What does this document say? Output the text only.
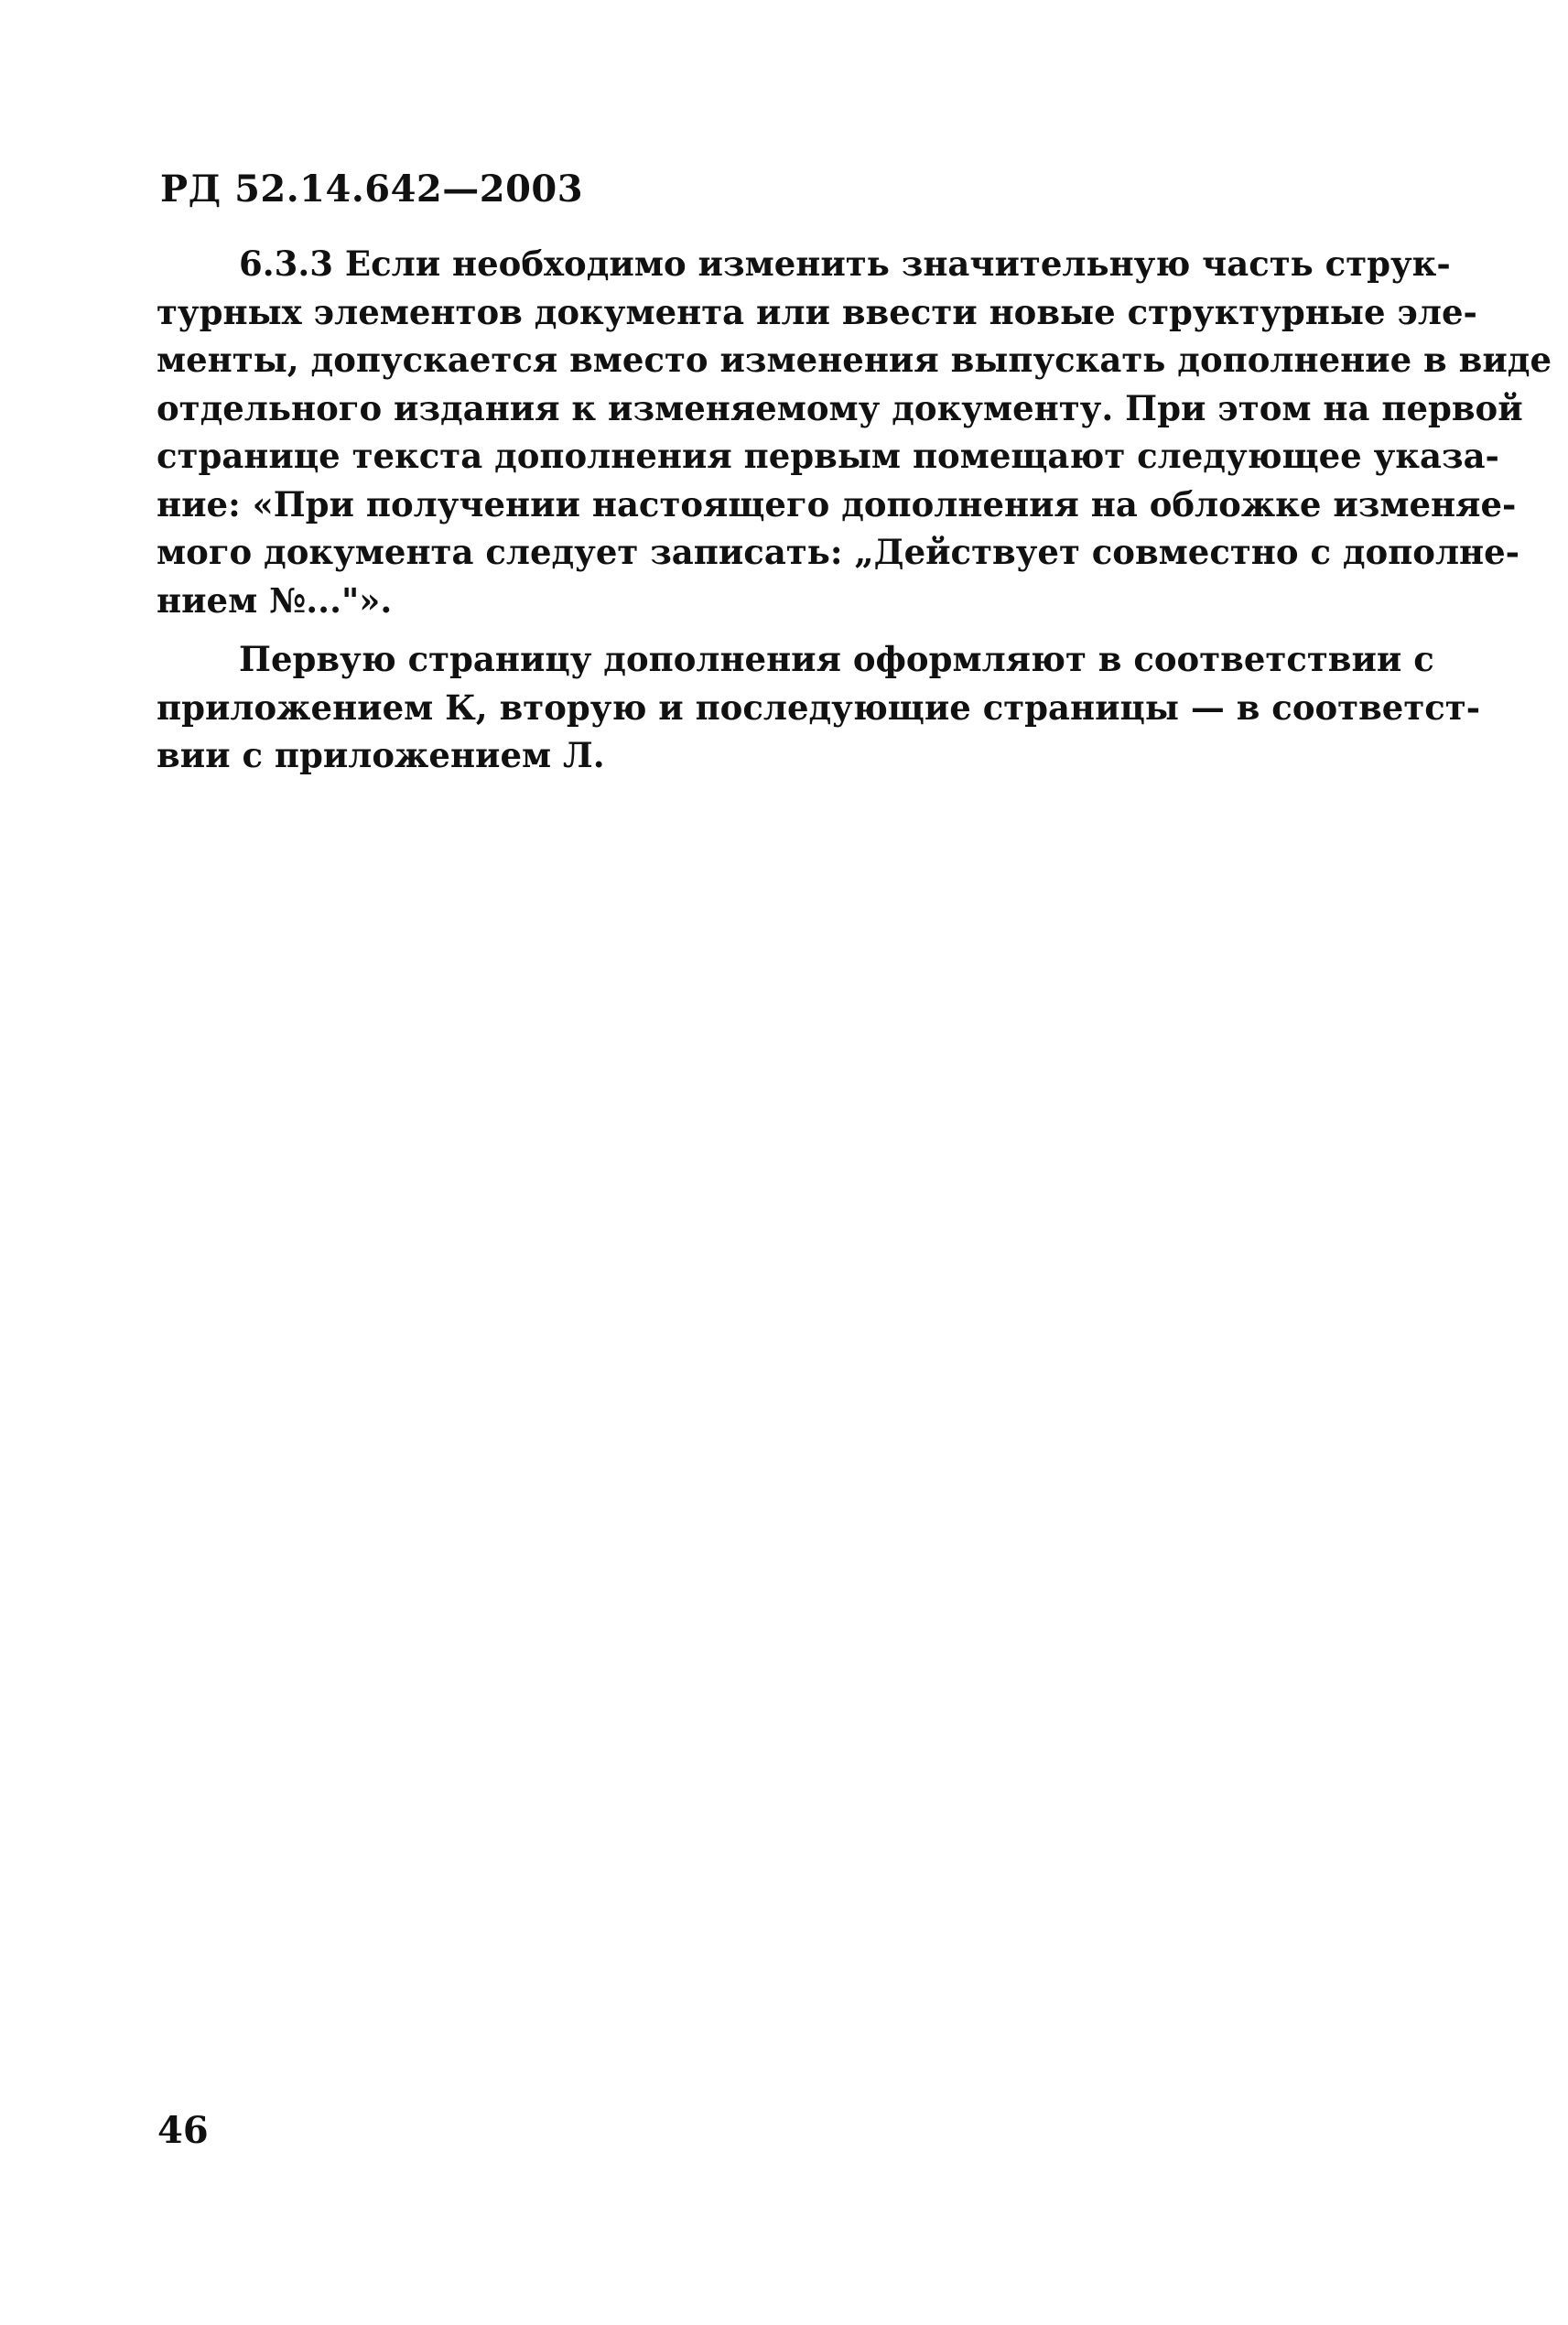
РД 52.14.642—2003
6.3.3 Если необходимо изменить значительную часть струк-
турных элементов документа или ввести новые структурные эле-
менты, допускается вместо изменения выпускать дополнение в виде
отдельного издания к изменяемому документу. При этом на первой
странице текста дополнения первым помещают следующее указа-
ние: «При получении настоящего дополнения на обложке изменяе-
мого документа следует записать: „Действует совместно с дополне-
нием №..."».
Первую страницу дополнения оформляют в соответствии с
приложением К, вторую и последующие страницы — в соответст-
вии с приложением Л.
46
